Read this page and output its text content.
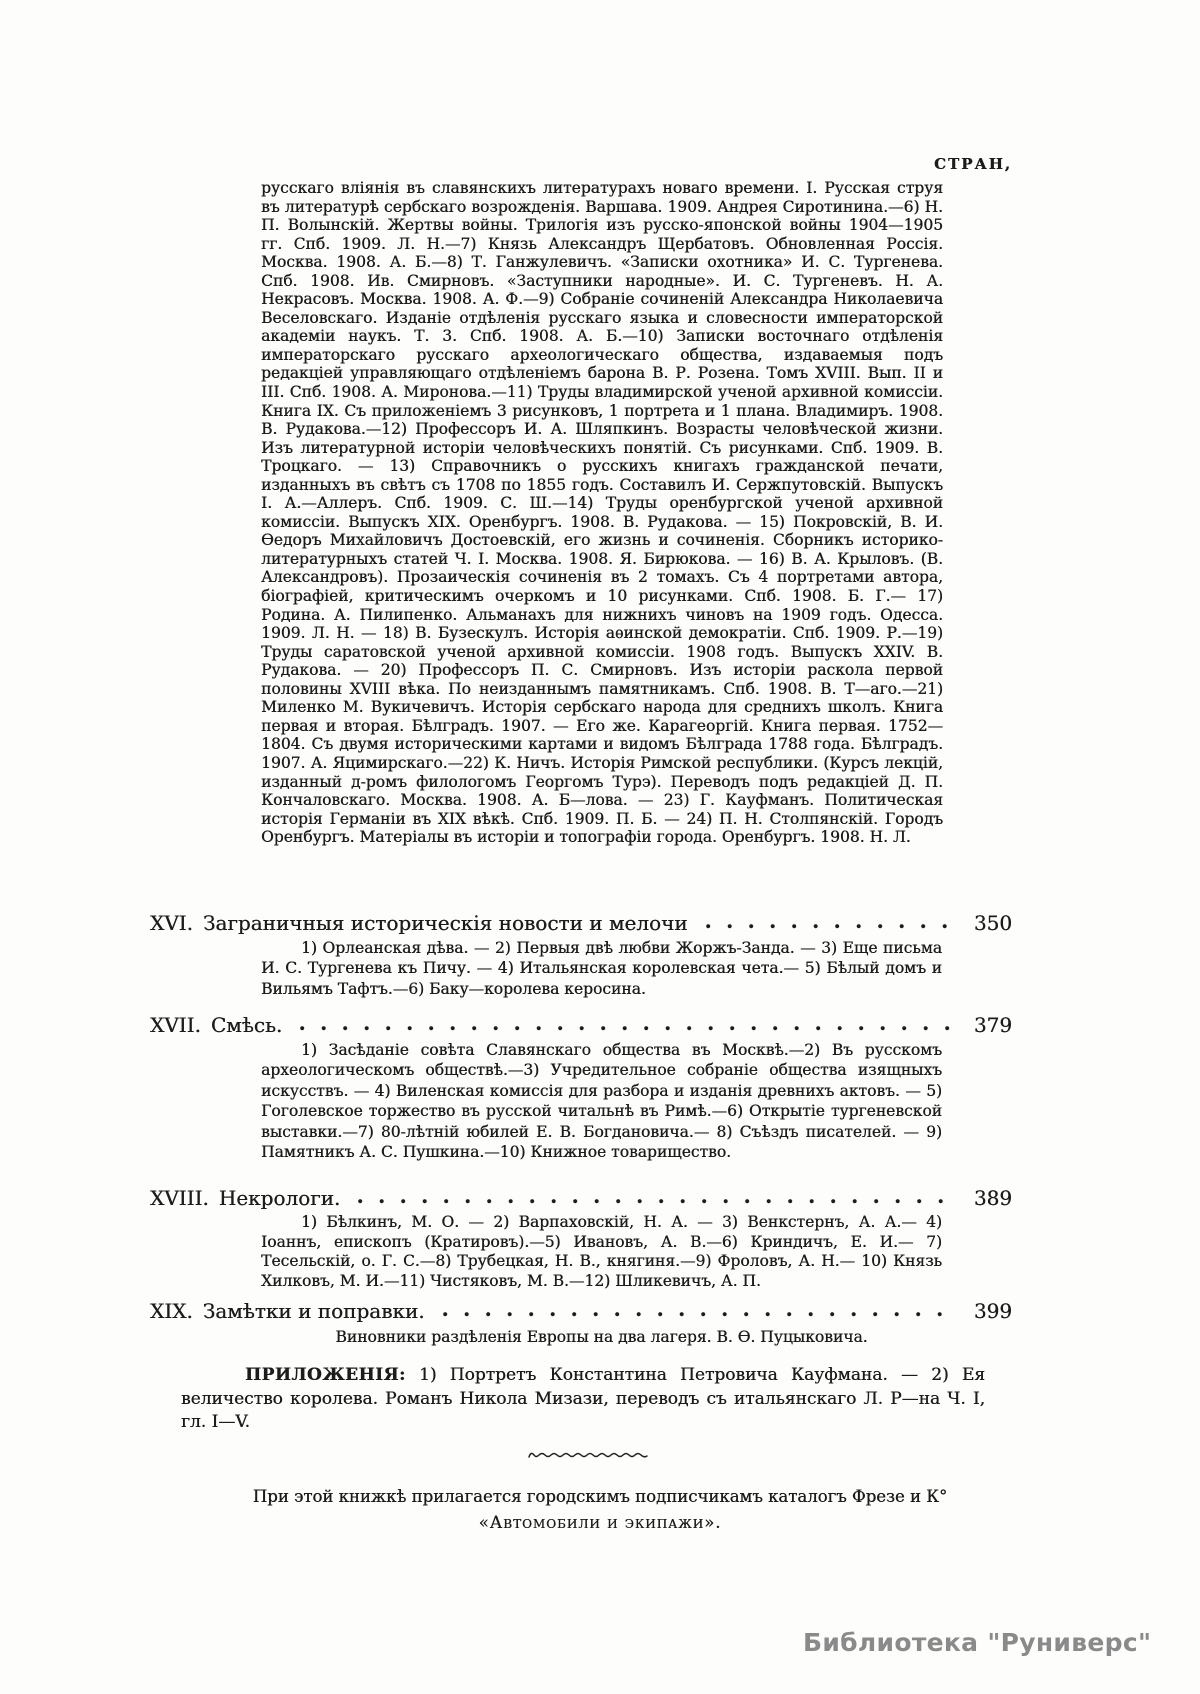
СТРАН,

русскаго вліянія въ славянскихъ литературахъ новаго времени. I. Русская струя въ литературѣ сербскаго возрожденія. Варшава. 1909. Андрея Сиротинина.—6) Н. П. Волынскій. Жертвы войны. Трилогія изъ русско-японской войны 1904—1905 гг. Спб. 1909. Л. Н.—7) Князь Александръ Щербатовъ. Обновленная Россія. Москва. 1908. А. Б.—8) Т. Ганжулевичъ. «Записки охотника» И. С. Тургенева. Спб. 1908. Ив. Смирновъ. «Заступники народные». И. С. Тургеневъ. Н. А. Некрасовъ. Москва. 1908. А. Ф.—9) Собраніе сочиненій Александра Николаевича Веселовскаго. Изданіе отдѣленія русскаго языка и словесности императорской академіи наукъ. Т. 3. Спб. 1908. А. Б.—10) Записки восточнаго отдѣленія императорскаго русскаго археологическаго общества, издаваемыя подъ редакціей управляющаго отдѣленіемъ барона В. Р. Розена. Томъ XVIII. Вып. II и III. Спб. 1908. А. Миронова.—11) Труды владимирской ученой архивной комиссіи. Книга IX. Съ приложеніемъ 3 рисунковъ, 1 портрета и 1 плана. Владимиръ. 1908. В. Рудакова.—12) Профессоръ И. А. Шляпкинъ. Возрасты человѣческой жизни. Изъ литературной исторіи человѣческихъ понятій. Съ рисунками. Спб. 1909. В. Троцкаго. — 13) Справочникъ о русскихъ книгахъ гражданской печати, изданныхъ въ свѣтъ съ 1708 по 1855 годъ. Составилъ И. Сержпутовскій. Выпускъ I. А.—Аллеръ. Спб. 1909. С. Ш.—14) Труды оренбургской ученой архивной комиссіи. Выпускъ XIX. Оренбургъ. 1908. В. Рудакова. — 15) Покровскій, В. И. Ѳедоръ Михайловичъ Достоевскій, его жизнь и сочиненія. Сборникъ историко-литературныхъ статей Ч. I. Москва. 1908. Я. Бирюкова. — 16) В. А. Крыловъ. (В. Александровъ). Прозаическія сочиненія въ 2 томахъ. Съ 4 портретами автора, біографіей, критическимъ очеркомъ и 10 рисунками. Спб. 1908. Б. Г.— 17) Родина. А. Пилипенко. Альманахъ для нижнихъ чиновъ на 1909 годъ. Одесса. 1909. Л. Н. — 18) В. Бузескулъ. Исторія аѳинской демократіи. Спб. 1909. Р.—19) Труды саратовской ученой архивной комиссіи. 1908 годъ. Выпускъ XXIV. В. Рудакова. — 20) Профессоръ П. С. Смирновъ. Изъ исторіи раскола первой половины XVIII вѣка. По неизданнымъ памятникамъ. Спб. 1908. В. Т—аго.—21) Миленко М. Вукичевичъ. Исторія сербскаго народа для среднихъ школъ. Книга первая и вторая. Бѣлградъ. 1907. — Его же. Карагеоргій. Книга первая. 1752—1804. Съ двумя историческими картами и видомъ Бѣлграда 1788 года. Бѣлградъ. 1907. А. Яцимирскаго.—22) К. Ничъ. Исторія Римской республики. (Курсъ лекцій, изданный д-ромъ филологомъ Георгомъ Турэ). Переводъ подъ редакціей Д. П. Кончаловскаго. Москва. 1908. А. Б—лова. — 23) Г. Кауфманъ. Политическая исторія Германіи въ XIX вѣкѣ. Спб. 1909. П. Б. — 24) П. Н. Столпянскій. Городъ Оренбургъ. Матеріалы въ исторіи и топографіи города. Оренбургъ. 1908. Н. Л.

XVI. Заграничныя историческія новости и мелочи	350

1) Орлеанская дѣва. — 2) Первыя двѣ любви Жоржъ-Занда. — 3) Еще письма И. С. Тургенева къ Пичу. — 4) Итальянская королевская чета.— 5) Бѣлый домъ и Вильямъ Тафтъ.—6) Баку—королева керосина.

XVII. Смѣсь.	379

1) Засѣданіе совѣта Славянскаго общества въ Москвѣ.—2) Въ русскомъ археологическомъ обществѣ.—3) Учредительное собраніе общества изящныхъ искусствъ. — 4) Виленская комиссія для разбора и изданія древнихъ актовъ. — 5) Гоголевское торжество въ русской читальнѣ въ Римѣ.—6) Открытіе тургеневской выставки.—7) 80-лѣтній юбилей Е. В. Богдановича.— 8) Съѣздъ писателей. — 9) Памятникъ А. С. Пушкина.—10) Книжное товарищество.

XVIII. Некрологи.	389

1) Бѣлкинъ, М. О. — 2) Варпаховскій, Н. А. — 3) Венкстернъ, А. А.— 4) Іоаннъ, епископъ (Кратировъ).—5) Ивановъ, А. В.—6) Криндичъ, Е. И.— 7) Тесельскій, о. Г. С.—8) Трубецкая, Н. В., княгиня.—9) Фроловъ, А. Н.— 10) Князь Хилковъ, М. И.—11) Чистяковъ, М. В.—12) Шликевичъ, А. П.

XIX. Замѣтки и поправки.	399

Виновники раздѣленія Европы на два лагеря. В. Ѳ. Пуцыковича.

ПРИЛОЖЕНІЯ: 1) Портретъ Константина Петровича Кауфмана. — 2) Ея величество королева. Романъ Никола Мизази, переводъ съ итальянскаго Л. Р—на Ч. I, гл. I—V.

При этой книжкѣ прилагается городскимъ подписчикамъ каталогъ Фрезе и К°

«Автомобили и экипажи».

Библиотека "Руниверс"
